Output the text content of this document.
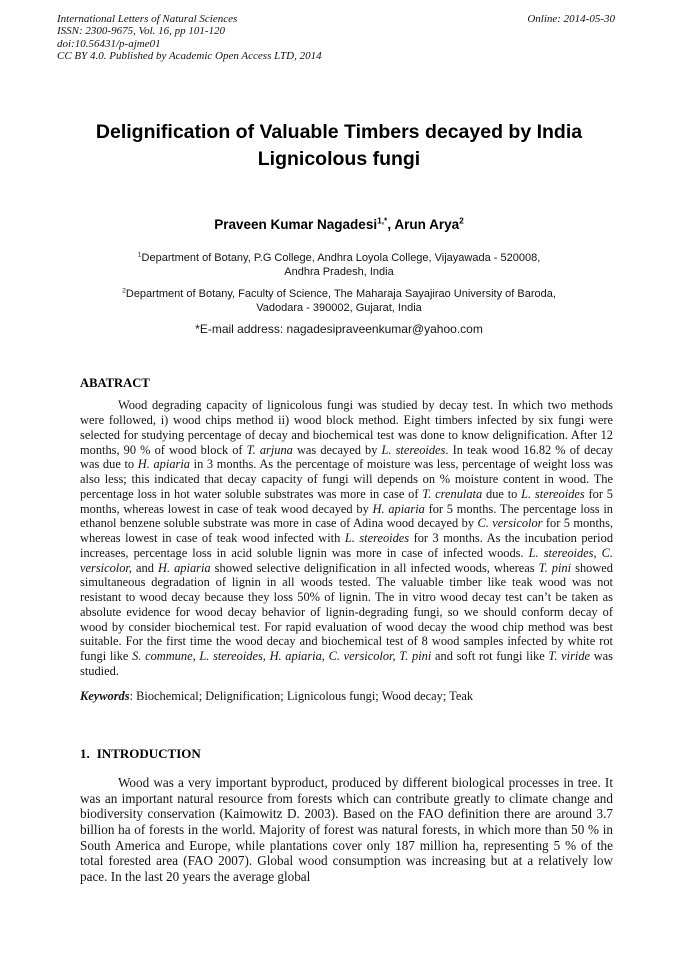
International Letters of Natural Sciences

ISSN: 2300-9675, Vol. 16, pp 101-120

doi:10.56431/p-ajme01

CC BY 4.0. Published by Academic Open Access LTD, 2014

Online: 2014-05-30
Delignification of Valuable Timbers decayed by India
Lignicolous fungi
Praveen Kumar Nagadesi$^{1,*}$, Arun Arya$^2$

$^1$Department of Botany, P.G College, Andhra Loyola College, Vijayawada - 520008,
Andhra Pradesh, India

$^2$Department of Botany, Faculty of Science, The Maharaja Sayajirao University of Baroda,
Vadodara - 390002, Gujarat, India

*E-mail address: nagadesipraveenkumar@yahoo.com

ABATRACT

Wood degrading capacity of lignicolous fungi was studied by decay test. In which two methods were followed, i) wood chips method ii) wood block method. Eight timbers infected by six fungi were selected for studying percentage of decay and biochemical test was done to know delignification. After 12 months, 90 % of wood block of T. arjuna was decayed by L. stereoides. In teak wood 16.82 % of decay was due to H. apiaria in 3 months. As the percentage of moisture was less, percentage of weight loss was also less; this indicated that decay capacity of fungi will depends on % moisture content in wood. The percentage loss in hot water soluble substrates was more in case of T. crenulata due to L. stereoides for 5 months, whereas lowest in case of teak wood decayed by H. apiaria for 5 months. The percentage loss in ethanol benzene soluble substrate was more in case of Adina wood decayed by C. versicolor for 5 months, whereas lowest in case of teak wood infected with L. stereoides for 3 months. As the incubation period increases, percentage loss in acid soluble lignin was more in case of infected woods. L. stereoides, C. versicolor, and H. apiaria showed selective delignification in all infected woods, whereas T. pini showed simultaneous degradation of lignin in all woods tested. The valuable timber like teak wood was not resistant to wood decay because they loss 50% of lignin. The in vitro wood decay test can’t be taken as absolute evidence for wood decay behavior of lignin-degrading fungi, so we should conform decay of wood by consider biochemical test. For rapid evaluation of wood decay the wood chip method was best suitable. For the first time the wood decay and biochemical test of 8 wood samples infected by white rot fungi like S. commune, L. stereoides, H. apiaria, C. versicolor, T. pini and soft rot fungi like T. viride was studied.

Keywords: Biochemical; Delignification; Lignicolous fungi; Wood decay; Teak

1. INTRODUCTION

Wood was a very important byproduct, produced by different biological processes in tree. It was an important natural resource from forests which can contribute greatly to climate change and biodiversity conservation (Kaimowitz D. 2003). Based on the FAO definition there are around 3.7 billion ha of forests in the world. Majority of forest was natural forests, in which more than 50 % in South America and Europe, while plantations cover only 187 million ha, representing 5 % of the total forested area (FAO 2007). Global wood consumption was increasing but at a relatively low pace. In the last 20 years the average global
